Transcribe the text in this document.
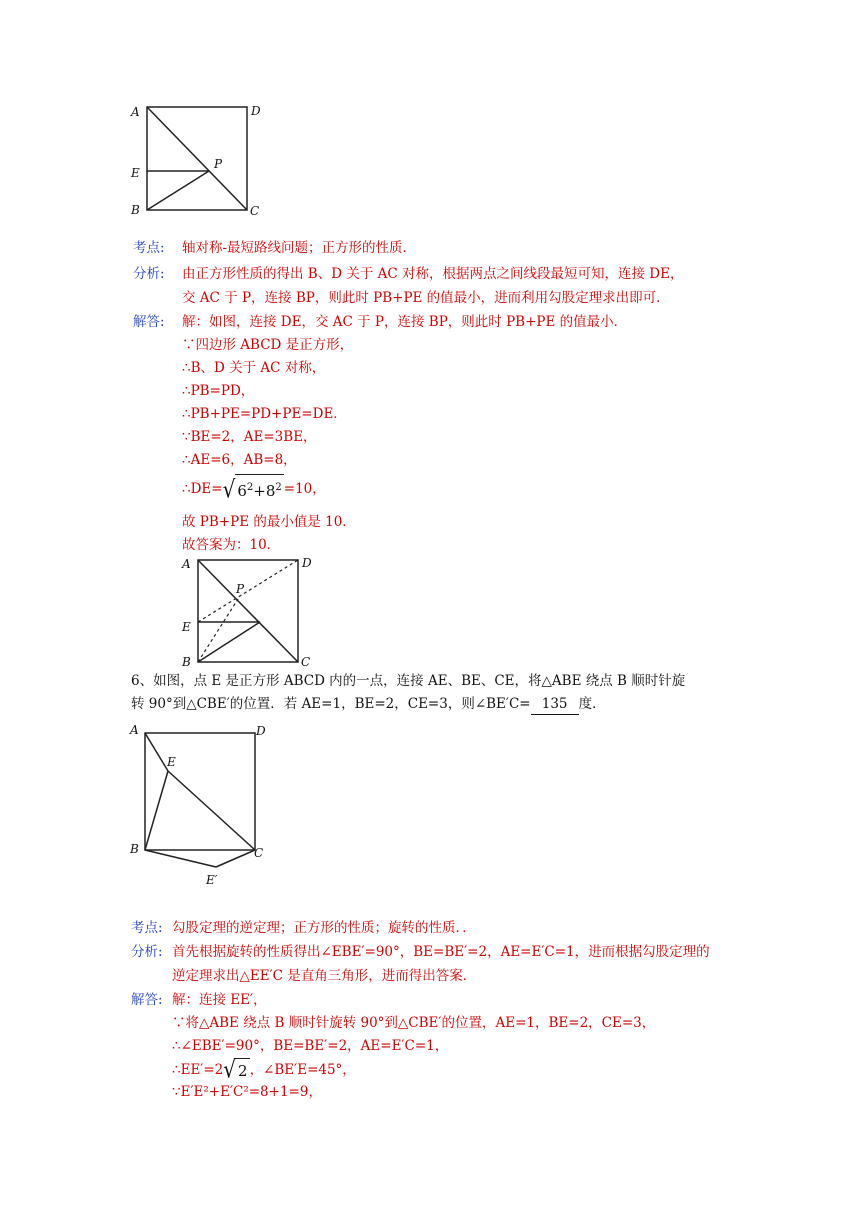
A	D
E
P
B	C
考点: 轴对称-最短路线问题；正方形的性质．
分析: 由正方形性质的得出 B、D 关于 AC 对称，根据两点之间线段最短可知，连接 DE，
交 AC 于 P，连接 BP，则此时 PB+PE 的值最小，进而利用勾股定理求出即可．
解答: 解：如图，连接 DE，交 AC 于 P，连接 BP，则此时 PB+PE 的值最小．
∵四边形 ABCD 是正方形，
∴B、D 关于 AC 对称，
∴PB=PD，
∴PB+PE=PD+PE=DE．
∵BE=2，AE=3BE，
∴AE=6，AB=8，
∴DE=√ $6^2+8^2 =10$，
故 PB+PE 的最小值是 10．
故答案为：10．
A	D
P
E
B	C
6、如图，点 E 是正方形 ABCD 内的一点，连接 AE、BE、CE，将△ABE 绕点 B 顺时针旋
转 90°到△CBE′的位置．若 AE=1，BE=2，CE=3，则∠BE′C= 135 度．
A	D
E
B	C
E′
考点: 勾股定理的逆定理；正方形的性质；旋转的性质．．
分析: 首先根据旋转的性质得出∠EBE′=90°，BE=BE′=2，AE=E′C=1，进而根据勾股定理的
逆定理求出△EE′C 是直角三角形，进而得出答案．
解答: 解：连接 EE′，
∵将△ABE 绕点 B 顺时针旋转 90°到△CBE′的位置，AE=1，BE=2，CE=3，
∴∠EBE′=90°，BE=BE′=2，AE=E′C=1，
∴EE′=2√ 2 ，∠BE′E=45°，
∵E′E²+E′C²=8+1=9，
